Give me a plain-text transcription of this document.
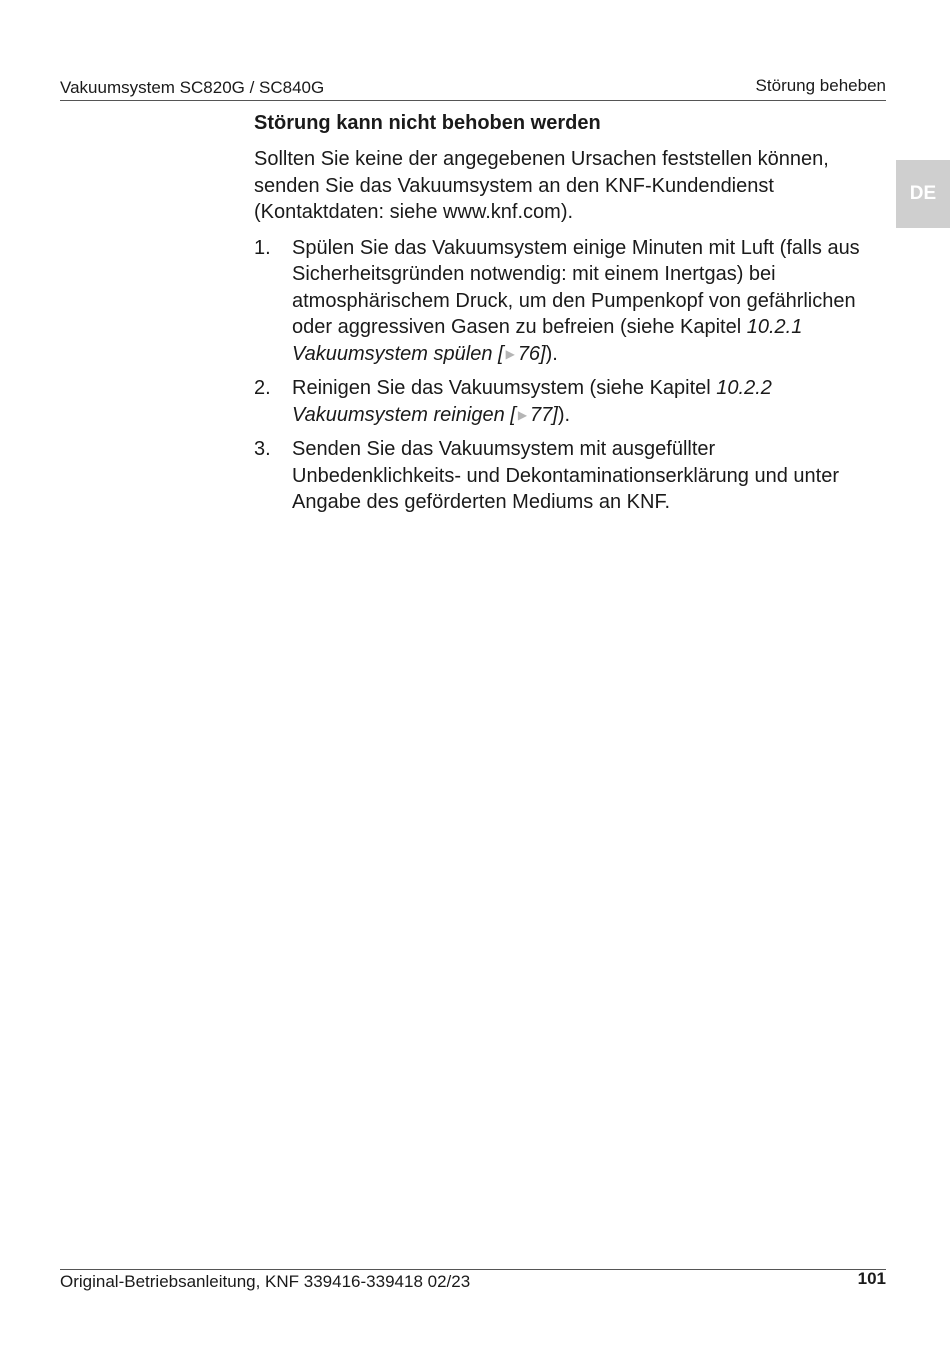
Vakuumsystem SC820G / SC840G	Störung beheben
DE
Störung kann nicht behoben werden

Sollten Sie keine der angegebenen Ursachen feststellen können, senden Sie das Vakuumsystem an den KNF-Kundendienst (Kontaktdaten: siehe www.knf.com).

1. Spülen Sie das Vakuumsystem einige Minuten mit Luft (falls aus Sicherheitsgründen notwendig: mit einem Inertgas) bei atmosphärischem Druck, um den Pumpenkopf von gefährlichen oder aggressiven Gasen zu befreien (siehe Kapitel 10.2.1 Vakuumsystem spülen [ ▶ 76]).
2. Reinigen Sie das Vakuumsystem (siehe Kapitel 10.2.2 Vakuumsystem reinigen [ ▶ 77]).
3. Senden Sie das Vakuumsystem mit ausgefüllter Unbedenklichkeits- und Dekontaminationserklärung und unter Angabe des geförderten Mediums an KNF.
Original-Betriebsanleitung, KNF 339416-339418 02/23	101
